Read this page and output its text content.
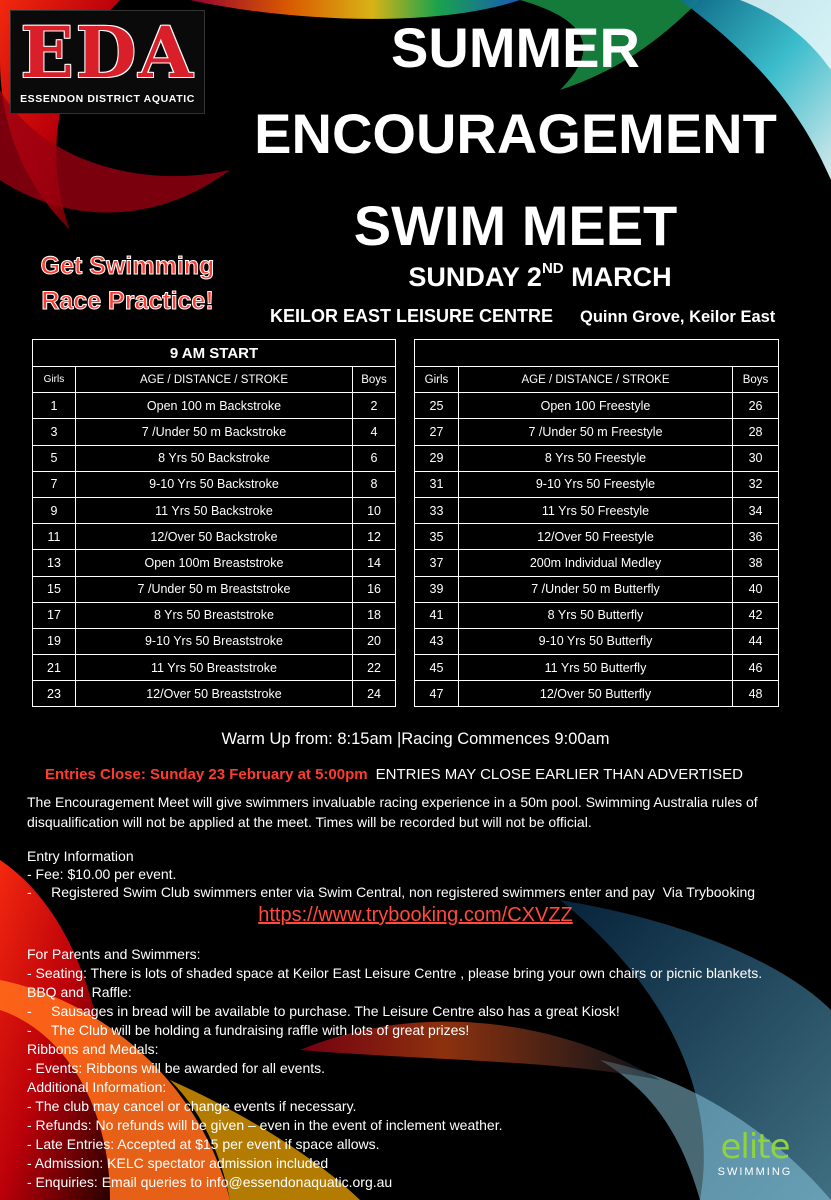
EDA
ESSENDON DISTRICT AQUATIC
SUMMER
ENCOURAGEMENT
SWIM MEET
SUNDAY 2ND MARCH
Get Swimming
Race Practice!
KEILOR EAST LEISURE CENTRE Quinn Grove, Keilor East
9 AM START		
Girls	AGE / DISTANCE / STROKE	Boys
1	Open 100 m Backstroke	2
3	7 /Under 50 m Backstroke	4
5	8 Yrs 50 Backstroke	6
7	9-10 Yrs 50 Backstroke	8
9	11 Yrs 50 Backstroke	10
11	12/Over 50 Backstroke	12
13	Open 100m Breaststroke	14
15	7 /Under 50 m Breaststroke	16
17	8 Yrs 50 Breaststroke	18
19	9-10 Yrs 50 Breaststroke	20
21	11 Yrs 50 Breaststroke	22
23	12/Over 50 Breaststroke	24

Girls	AGE / DISTANCE / STROKE	Boys
25	Open 100 Freestyle	26
27	7 /Under 50 m Freestyle	28
29	8 Yrs 50 Freestyle	30
31	9-10 Yrs 50 Freestyle	32
33	11 Yrs 50 Freestyle	34
35	12/Over 50 Freestyle	36
37	200m Individual Medley	38
39	7 /Under 50 m Butterfly	40
41	8 Yrs 50 Butterfly	42
43	9-10 Yrs 50 Butterfly	44
45	11 Yrs 50 Butterfly	46
47	12/Over 50 Butterfly	48
Warm Up from: 8:15am |Racing Commences 9:00am
Entries Close: Sunday 23 February at 5:00pm ENTRIES MAY CLOSE EARLIER THAN ADVERTISED
The Encouragement Meet will give swimmers invaluable racing experience in a 50m pool. Swimming Australia rules of disqualification will not be applied at the meet. Times will be recorded but will not be official.
Entry Information
- Fee: $10.00 per event.
-     Registered Swim Club swimmers enter via Swim Central, non registered swimmers enter and pay  Via Trybooking
https://www.trybooking.com/CXVZZ
For Parents and Swimmers:
- Seating: There is lots of shaded space at Keilor East Leisure Centre , please bring your own chairs or picnic blankets.
BBQ and  Raffle:
-     Sausages in bread will be available to purchase. The Leisure Centre also has a great Kiosk!
-     The Club will be holding a fundraising raffle with lots of great prizes!
Ribbons and Medals:
- Events: Ribbons will be awarded for all events.
Additional Information:
- The club may cancel or change events if necessary.
- Refunds: No refunds will be given – even in the event of inclement weather.
- Late Entries: Accepted at $15 per event if space allows.
- Admission: KELC spectator admission included
- Enquiries: Email queries to info@essendonaquatic.org.au
elite
SWIMMING
